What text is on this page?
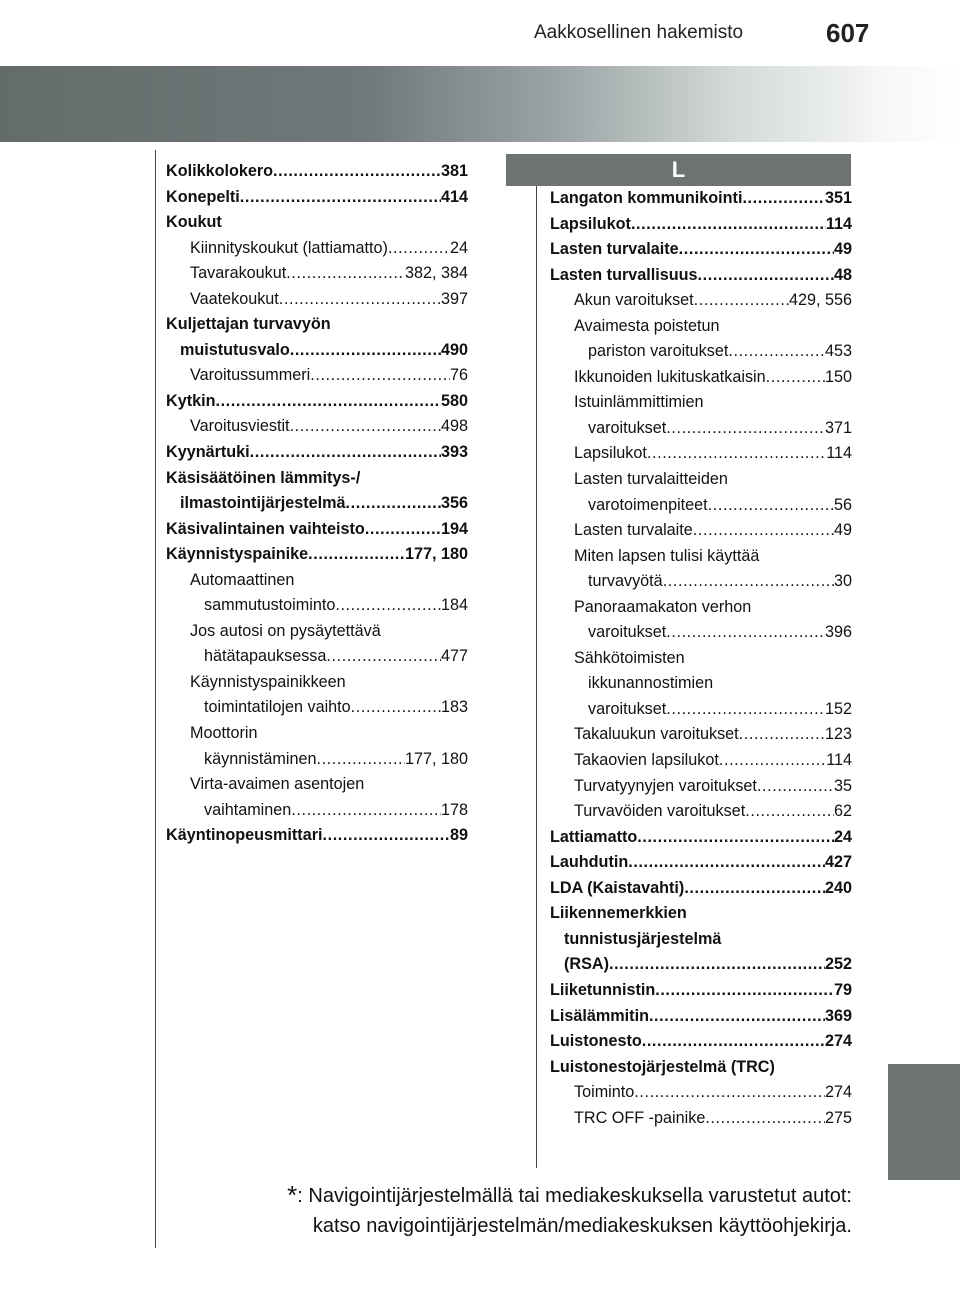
Aakkosellinen hakemisto	607
L
Kolikkolokero .....	381
Konepelti .....	414
Koukut
Kiinnityskoukut (lattiamatto) .....	24
Tavarakoukut .....	382, 384
Vaatekoukut .....	397
Kuljettajan turvavyön
muistutusvalo .....	490
Varoitussummeri .....	76
Kytkin .....	580
Varoitusviestit .....	498
Kyynärtuki .....	393
Käsisäätöinen lämmitys-/
ilmastointijärjestelmä .....	356
Käsivalintainen vaihteisto .....	194
Käynnistyspainike .....	177, 180
Automaattinen
sammutustoiminto .....	184
Jos autosi on pysäytettävä
hätätapauksessa .....	477
Käynnistyspainikkeen
toimintatilojen vaihto .....	183
Moottorin
käynnistäminen .....	177, 180
Virta-avaimen asentojen
vaihtaminen .....	178
Käyntinopeusmittari .....	89
Langaton kommunikointi .....	351
Lapsilukot .....	114
Lasten turvalaite .....	49
Lasten turvallisuus .....	48
Akun varoitukset .....	429, 556
Avaimesta poistetun
pariston varoitukset .....	453
Ikkunoiden lukituskatkaisin .....	150
Istuinlämmittimien
varoitukset .....	371
Lapsilukot .....	114
Lasten turvalaitteiden
varotoimenpiteet .....	56
Lasten turvalaite .....	49
Miten lapsen tulisi käyttää
turvavyötä .....	30
Panoraamakaton verhon
varoitukset .....	396
Sähkötoimisten
ikkunannostimien
varoitukset .....	152
Takaluukun varoitukset .....	123
Takaovien lapsilukot .....	114
Turvatyynyjen varoitukset .....	35
Turvavöiden varoitukset .....	62
Lattiamatto .....	24
Lauhdutin .....	427
LDA (Kaistavahti) .....	240
Liikennemerkkien
tunnistusjärjestelmä
(RSA) .....	252
Liiketunnistin .....	79
Lisälämmitin .....	369
Luistonesto .....	274
Luistonestojärjestelmä (TRC)
Toiminto .....	274
TRC OFF -painike .....	275
*: Navigointijärjestelmällä tai mediakeskuksella varustetut autot:
katso navigointijärjestelmän/mediakeskuksen käyttöohjekirja.
